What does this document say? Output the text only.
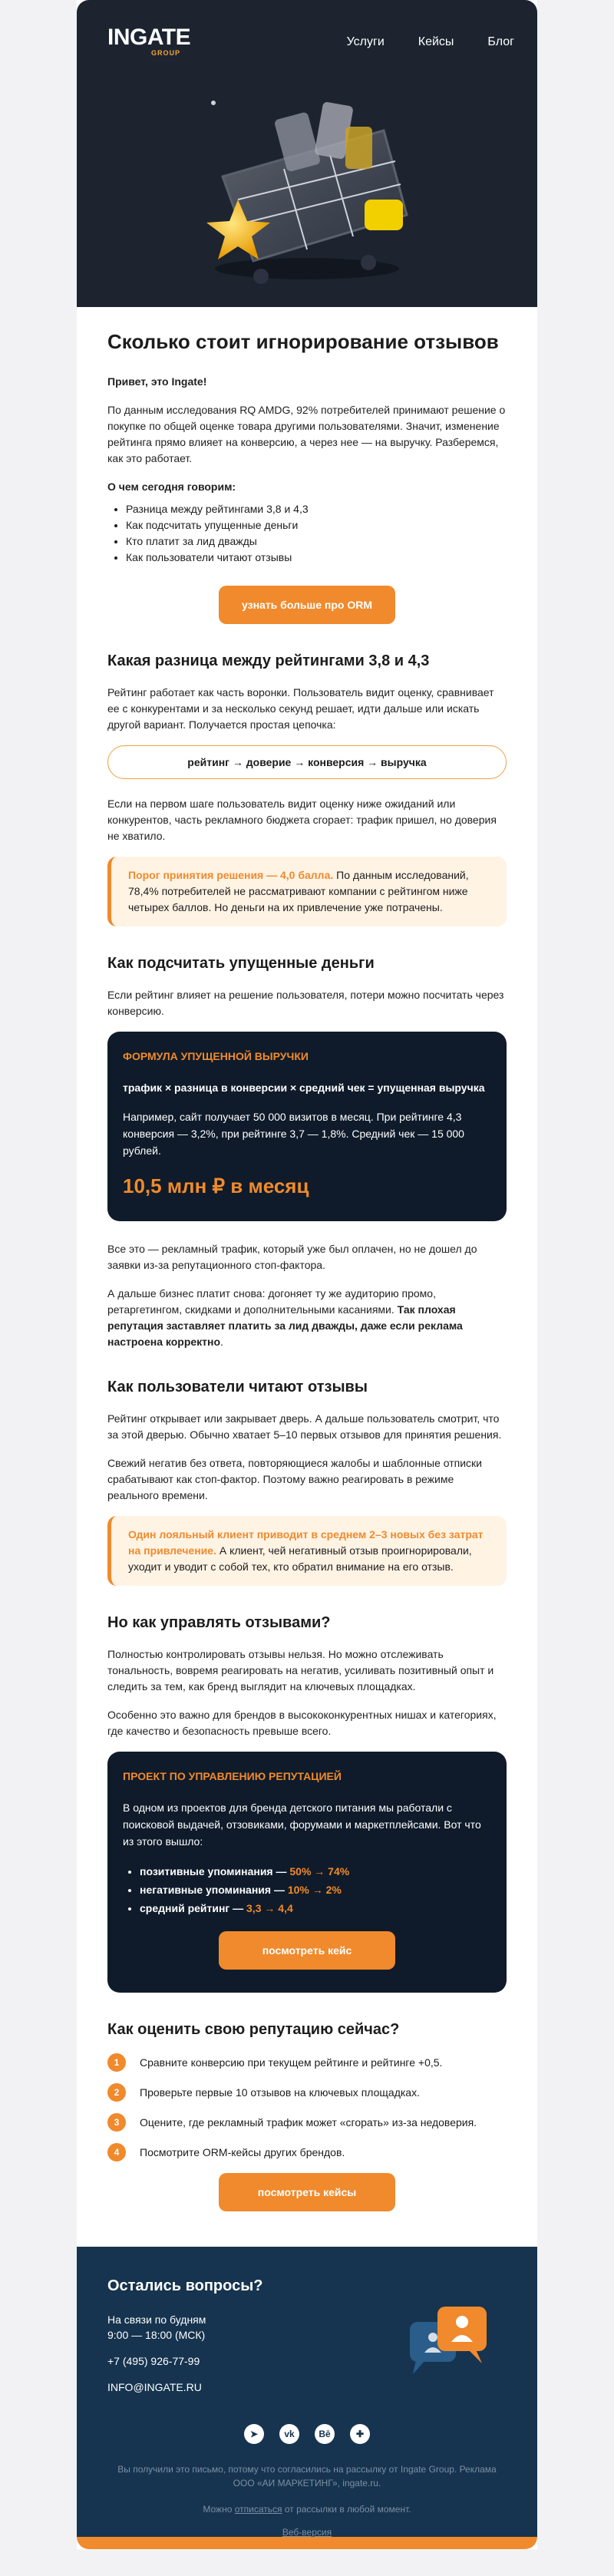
INGATE
GROUP
Услуги	Кейсы	Блог
Сколько стоит игнорирование отзывов

Привет, это Ingate!

По данным исследования RQ AMDG, 92% потребителей принимают решение о покупке по общей оценке товара другими пользователями. Значит, изменение рейтинга прямо влияет на конверсию, а через нее — на выручку. Разберемся, как это работает.

О чем сегодня говорим:

• Разница между рейтингами 3,8 и 4,3
• Как подсчитать упущенные деньги
• Кто платит за лид дважды
• Как пользователи читают отзывы
узнать больше про ORM
Какая разница между рейтингами 3,8 и 4,3

Рейтинг работает как часть воронки. Пользователь видит оценку, сравнивает ее с конкурентами и за несколько секунд решает, идти дальше или искать другой вариант. Получается простая цепочка:

рейтинг → доверие → конверсия → выручка

Если на первом шаге пользователь видит оценку ниже ожиданий или конкурентов, часть рекламного бюджета сгорает: трафик пришел, но доверия не хватило.

Порог принятия решения — 4,0 балла. По данным исследований, 78,4% потребителей не рассматривают компании с рейтингом ниже четырех баллов. Но деньги на их привлечение уже потрачены.
Как подсчитать упущенные деньги

Если рейтинг влияет на решение пользователя, потери можно посчитать через конверсию.

ФОРМУЛА УПУЩЕННОЙ ВЫРУЧКИ

трафик × разница в конверсии × средний чек = упущенная выручка

Например, сайт получает 50 000 визитов в месяц. При рейтинге 4,3 конверсия — 3,2%, при рейтинге 3,7 — 1,8%. Средний чек — 15 000 рублей.

10,5 млн ₽ в месяц

Все это — рекламный трафик, который уже был оплачен, но не дошел до заявки из-за репутационного стоп-фактора.

А дальше бизнес платит снова: догоняет ту же аудиторию промо, ретаргетингом, скидками и дополнительными касаниями. Так плохая репутация заставляет платить за лид дважды, даже если реклама настроена корректно.

Как пользователи читают отзывы

Рейтинг открывает или закрывает дверь. А дальше пользователь смотрит, что за этой дверью. Обычно хватает 5–10 первых отзывов для принятия решения.

Свежий негатив без ответа, повторяющиеся жалобы и шаблонные отписки срабатывают как стоп-фактор. Поэтому важно реагировать в режиме реального времени.

Один лояльный клиент приводит в среднем 2–3 новых без затрат на привлечение. А клиент, чей негативный отзыв проигнорировали, уходит и уводит с собой тех, кто обратил внимание на его отзыв.
Но как управлять отзывами?

Полностью контролировать отзывы нельзя. Но можно отслеживать тональность, вовремя реагировать на негатив, усиливать позитивный опыт и следить за тем, как бренд выглядит на ключевых площадках.

Особенно это важно для брендов в высококонкурентных нишах и категориях, где качество и безопасность превыше всего.

ПРОЕКТ ПО УПРАВЛЕНИЮ РЕПУТАЦИЕЙ

В одном из проектов для бренда детского питания мы работали с поисковой выдачей, отзовиками, форумами и маркетплейсами. Вот что из этого вышло:

• позитивные упоминания — 50% → 74%
• негативные упоминания — 10% → 2%
• средний рейтинг — 3,3 → 4,4
посмотреть кейс
Как оценить свою репутацию сейчас?
1	Сравните конверсию при текущем рейтинге и рейтинге +0,5.
2	Проверьте первые 10 отзывов на ключевых площадках.
3	Оцените, где рекламный трафик может «сгорать» из-за недоверия.
4	Посмотрите ORM-кейсы других брендов.
посмотреть кейсы
Остались вопросы?
На связи по будням
9:00 — 18:00 (МСК)
+7 (495) 926-77-99
INFO@INGATE.RU
➤	vk	Bē	✚
Вы получили это письмо, потому что согласились на рассылку от Ingate Group. Реклама ООО «АИ МАРКЕТИНГ», ingate.ru.
Можно отписаться от рассылки в любой момент.
Веб-версия
